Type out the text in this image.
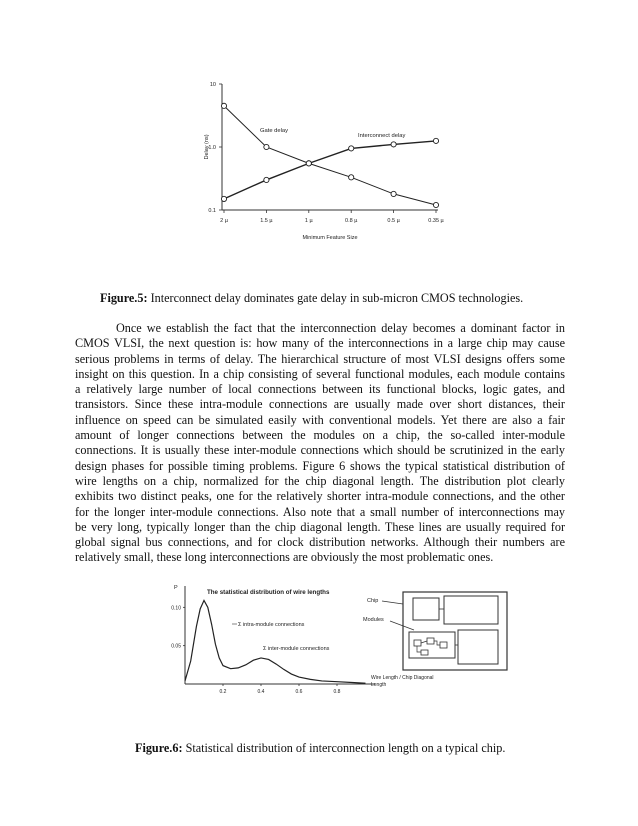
10
1.0
0.1
2 µ	1.5 µ	1 µ	0.8 µ	0.5 µ	0.35 µ
Minimum Feature Size
Delay (ns)
Gate delay
Interconnect delay
Figure.5: Interconnect delay dominates gate delay in sub-micron CMOS technologies.
Once we establish the fact that the interconnection delay becomes a dominant factor in
CMOS VLSI, the next question is: how many of the interconnections in a large chip may cause
serious problems in terms of delay. The hierarchical structure of most VLSI designs offers some
insight on this question. In a chip consisting of several functional modules, each module contains
a relatively large number of local connections between its functional blocks, logic gates, and
transistors. Since these intra-module connections are usually made over short distances, their
influence on speed can be simulated easily with conventional models. Yet there are also a fair
amount of longer connections between the modules on a chip, the so-called inter-module
connections. It is usually these inter-module connections which should be scrutinized in the early
design phases for possible timing problems. Figure 6 shows the typical statistical distribution of
wire lengths on a chip, normalized for the chip diagonal length. The distribution plot clearly
exhibits two distinct peaks, one for the relatively shorter intra-module connections, and the other
for the longer inter-module connections. Also note that a small number of interconnections may
be very long, typically longer than the chip diagonal length. These lines are usually required for
global signal bus connections, and for clock distribution networks. Although their numbers are
relatively small, these long interconnections are obviously the most problematic ones.
P
The statistical distribution of wire lengths
0.10
0.05
0.2	0.4	0.6	0.8
Wire Length / Chip Diagonal
Length
Σ intra-module connections
Σ inter-module connections
Chip
Modules
Figure.6: Statistical distribution of interconnection length on a typical chip.
